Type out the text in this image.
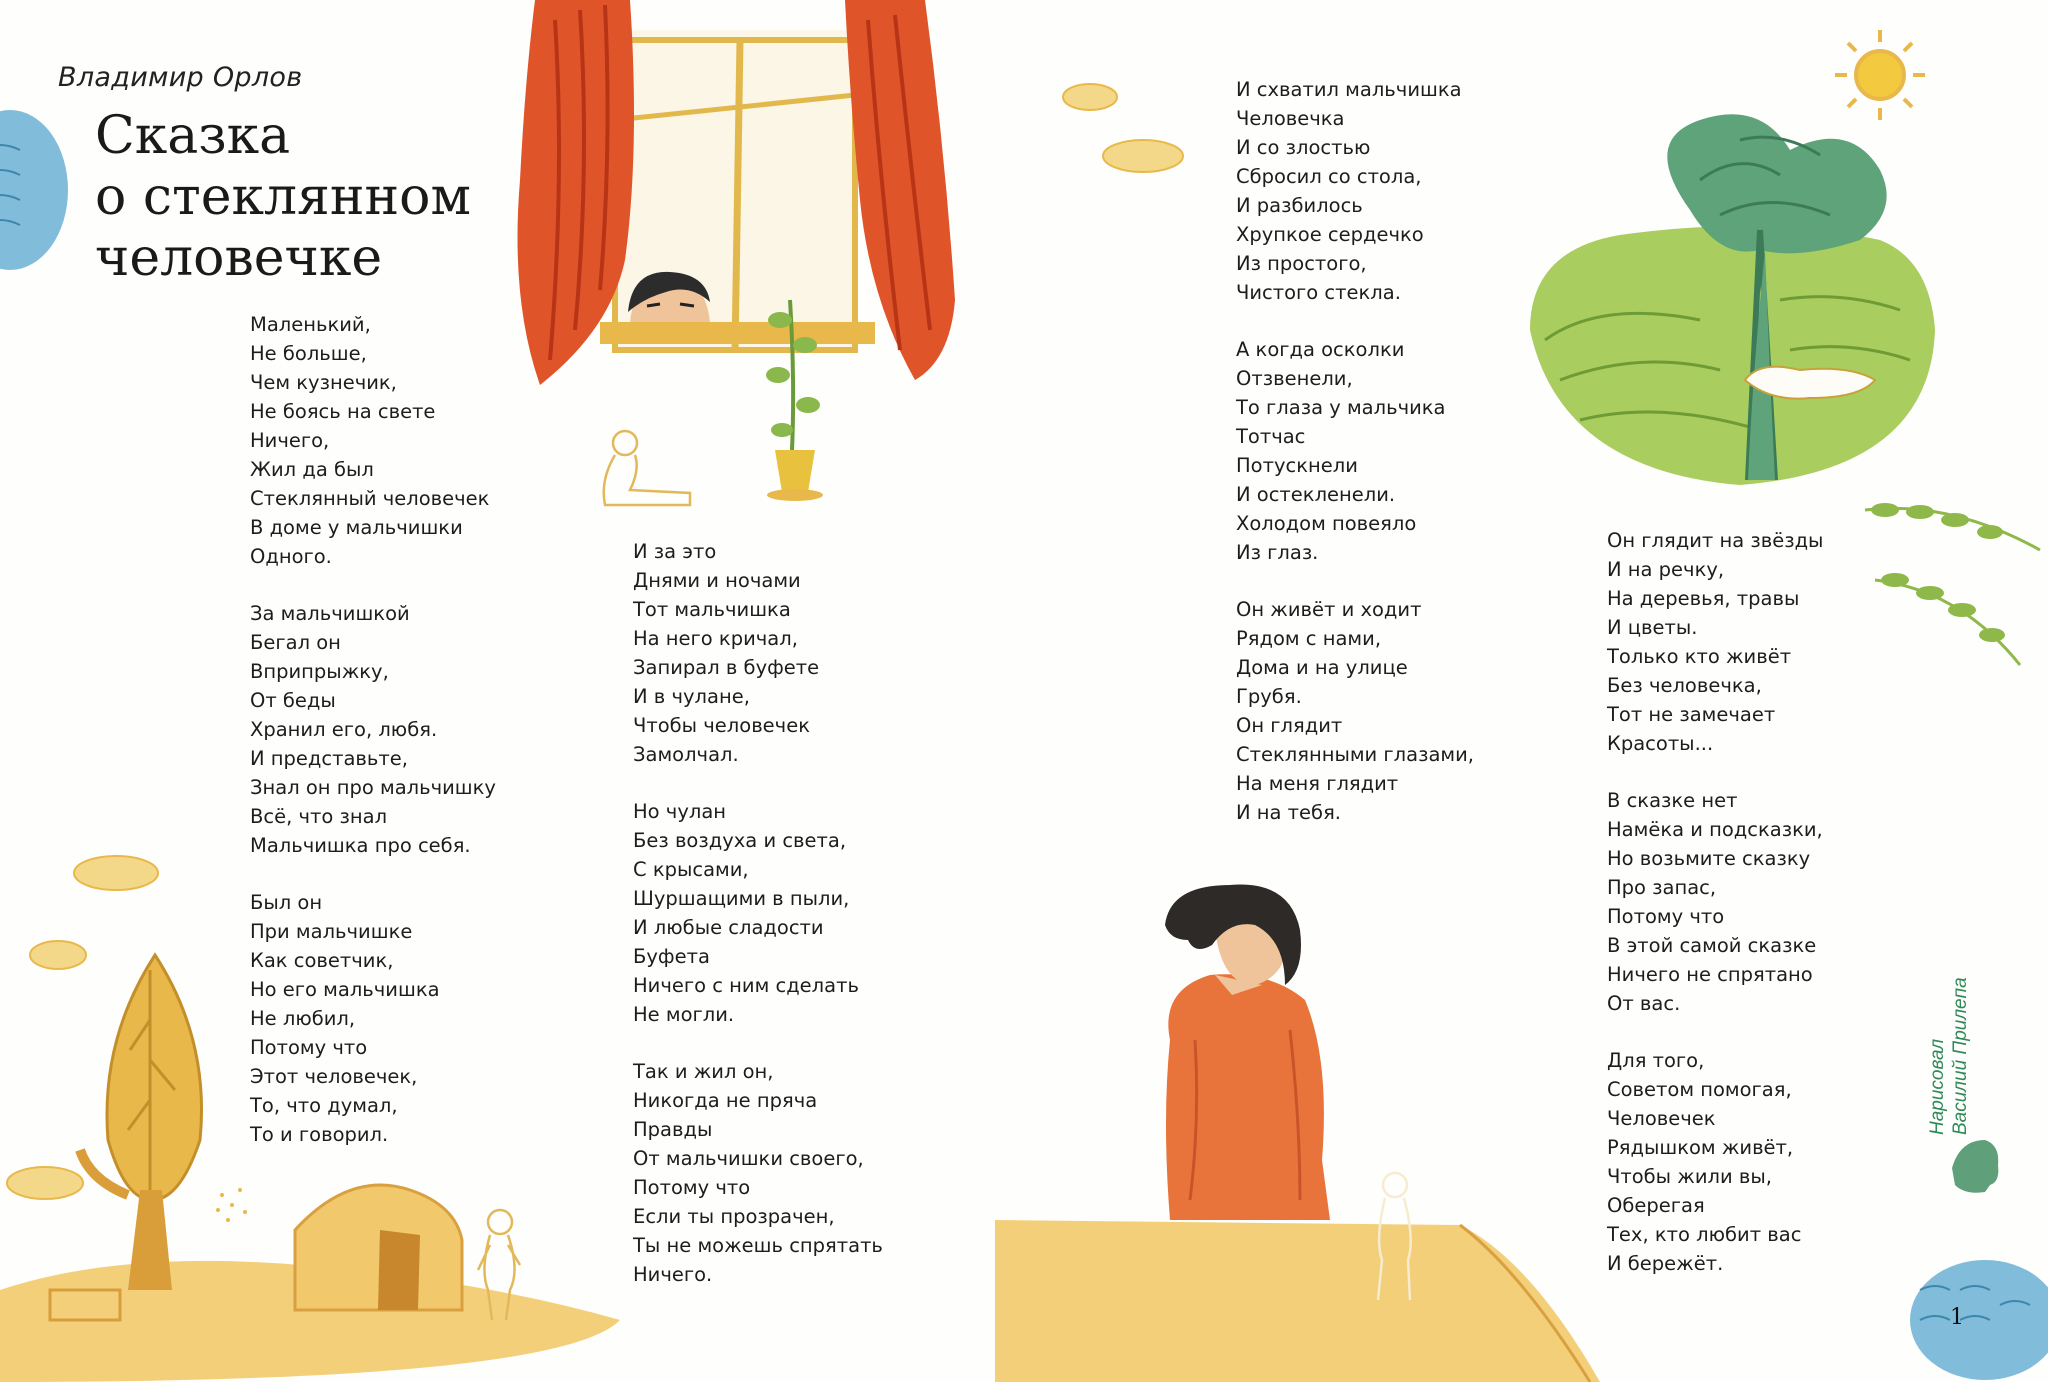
Владимир Орлов
Сказка
о стеклянном
человечке
Маленький,
Не больше,
Чем кузнечик,
Не боясь на свете
Ничего,
Жил да был
Стеклянный человечек
В доме у мальчишки
Одного.
За мальчишкой
Бегал он
Вприпрыжку,
От беды
Хранил его, любя.
И представьте,
Знал он про мальчишку
Всё, что знал
Мальчишка про себя.
Был он
При мальчишке
Как советчик,
Но его мальчишка
Не любил,
Потому что
Этот человечек,
То, что думал,
То и говорил.
И за это
Днями и ночами
Тот мальчишка
На него кричал,
Запирал в буфете
И в чулане,
Чтобы человечек
Замолчал.
Но чулан
Без воздуха и света,
С крысами,
Шуршащими в пыли,
И любые сладости
Буфета
Ничего с ним сделать
Не могли.
Так и жил он,
Никогда не пряча
Правды
От мальчишки своего,
Потому что
Если ты прозрачен,
Ты не можешь спрятать
Ничего.
И схватил мальчишка
Человечка
И со злостью
Сбросил со стола,
И разбилось
Хрупкое сердечко
Из простого,
Чистого стекла.
А когда осколки
Отзвенели,
То глаза у мальчика
Тотчас
Потускнели
И остекленели.
Холодом повеяло
Из глаз.
Он живёт и ходит
Рядом с нами,
Дома и на улице
Грубя.
Он глядит
Стеклянными глазами,
На меня глядит
И на тебя.
Он глядит на звёзды
И на речку,
На деревья, травы
И цветы.
Только кто живёт
Без человечка,
Тот не замечает
Красоты...
В сказке нет
Намёка и подсказки,
Но возьмите сказку
Про запас,
Потому что
В этой самой сказке
Ничего не спрятано
От вас.
Для того,
Советом помогая,
Человечек
Рядышком живёт,
Чтобы жили вы,
Оберегая
Тех, кто любит вас
И бережёт.
Нарисовал Василий Прилепа
1
